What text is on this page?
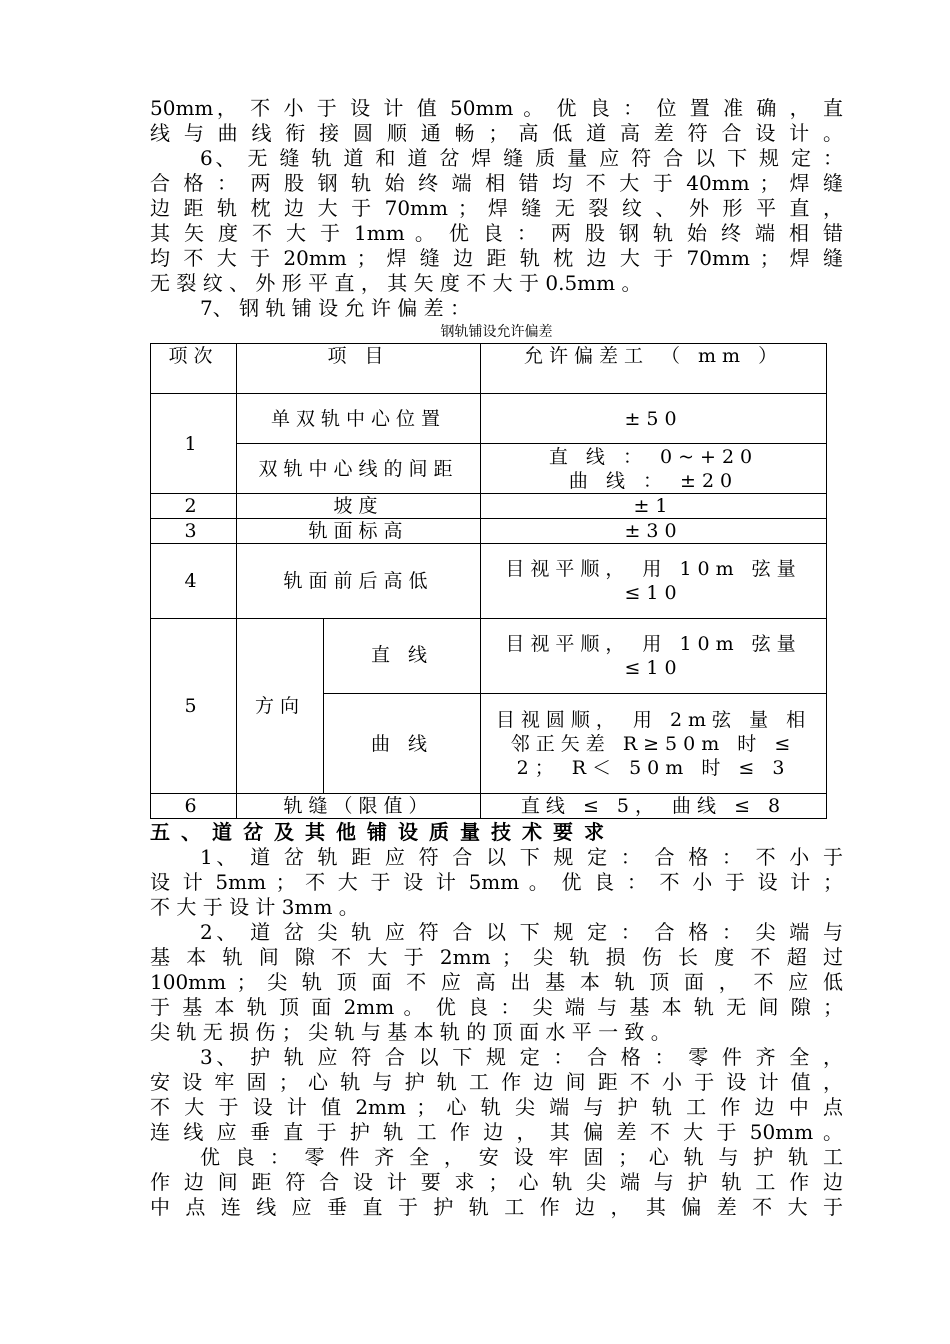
50mm， 不 小 于 设 计 值 50mm 。 优 良 ： 位 置 准 确 ， 直
线 与 曲 线 衔 接 圆 顺 通 畅 ； 高 低 道 高 差 符 合 设 计 。
6、 无 缝 轨 道 和 道 岔 焊 缝 质 量 应 符 合 以 下 规 定 ：
合 格 ： 两 股 钢 轨 始 终 端 相 错 均 不 大 于 40mm ； 焊 缝
边 距 轨 枕 边 大 于 70mm ； 焊 缝 无 裂 纹 、 外 形 平 直 ，
其 矢 度 不 大 于 1mm 。 优 良 ： 两 股 钢 轨 始 终 端 相 错
均 不 大 于 20mm ； 焊 缝 边 距 轨 枕 边 大 于 70mm ； 焊 缝
无 裂 纹 、 外 形 平 直 ， 其 矢 度 不 大 于 0.5mm 。
7、 钢 轨 铺 设 允 许 偏 差 ：
钢轨铺设允许偏差
项次	项 目		允许偏差工 （ mm ）
1	单双轨中心位置		±50
	双轨中心线的间距		直 线 ： 0~+20
曲 线 ： ±20

2	坡度		±1
3	轨面标高		±30
4	轨面前后高低		目视平顺， 用 10m 弦量 ≤10
5	方向	直 线	目视平顺， 用 10m 弦量 ≤10
		曲 线	目视圆顺， 用 2m弦 量 相邻正矢差 R≥50m 时 ≤ 2； R＜ 50m 时 ≤ 3
6	轨缝（限值）		直线 ≤ 5， 曲线 ≤ 8
五、道岔及其他铺设质量技术要求
1、 道 岔 轨 距 应 符 合 以 下 规 定 ： 合 格 ： 不 小 于
设 计 5mm ； 不 大 于 设 计 5mm 。 优 良 ： 不 小 于 设 计 ；
不 大 于 设 计 3mm 。
2、 道 岔 尖 轨 应 符 合 以 下 规 定 ： 合 格 ： 尖 端 与
基 本 轨 间 隙 不 大 于 2mm ； 尖 轨 损 伤 长 度 不 超 过
100mm ； 尖 轨 顶 面 不 应 高 出 基 本 轨 顶 面 ， 不 应 低
于 基 本 轨 顶 面 2mm 。 优 良 ： 尖 端 与 基 本 轨 无 间 隙 ；
尖 轨 无 损 伤 ； 尖 轨 与 基 本 轨 的 顶 面 水 平 一 致 。
3、 护 轨 应 符 合 以 下 规 定 ： 合 格 ： 零 件 齐 全 ，
安 设 牢 固 ； 心 轨 与 护 轨 工 作 边 间 距 不 小 于 设 计 值 ，
不 大 于 设 计 值 2mm ； 心 轨 尖 端 与 护 轨 工 作 边 中 点
连 线 应 垂 直 于 护 轨 工 作 边 ， 其 偏 差 不 大 于 50mm 。
优 良 ： 零 件 齐 全 ， 安 设 牢 固 ； 心 轨 与 护 轨 工
作 边 间 距 符 合 设 计 要 求 ； 心 轨 尖 端 与 护 轨 工 作 边
中 点 连 线 应 垂 直 于 护 轨 工 作 边 ， 其 偏 差 不 大 于
